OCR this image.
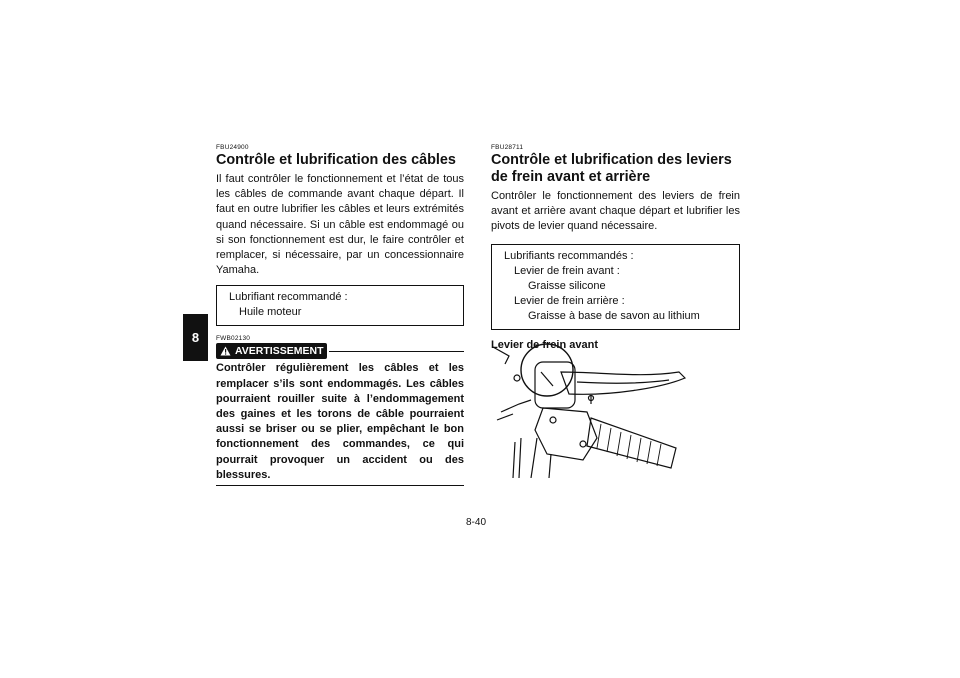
8

FBU24900

Contrôle et lubrification des câbles

Il faut contrôler le fonctionnement et l’état de tous les câbles de commande avant chaque départ. Il faut en outre lubrifier les câbles et leurs extrémités quand nécessaire. Si un câble est endommagé ou si son fonctionnement est dur, le faire contrôler et remplacer, si nécessaire, par un concessionnaire Yamaha.

Lubrifiant recommandé :
Huile moteur

FWB02130

AVERTISSEMENT

Contrôler régulièrement les câbles et les remplacer s’ils sont endommagés. Les câbles pourraient rouiller suite à l’endommagement des gaines et les torons de câble pourraient aussi se briser ou se plier, empêchant le bon fonctionnement des commandes, ce qui pourrait provoquer un accident ou des blessures.

FBU28711

Contrôle et lubrification des leviers de frein avant et arrière

Contrôler le fonctionnement des leviers de frein avant et arrière avant chaque départ et lubrifier les pivots de levier quand nécessaire.

Lubrifiants recommandés :
Levier de frein avant :
Graisse silicone
Levier de frein arrière :
Graisse à base de savon au lithium

Levier de frein avant

8-40
